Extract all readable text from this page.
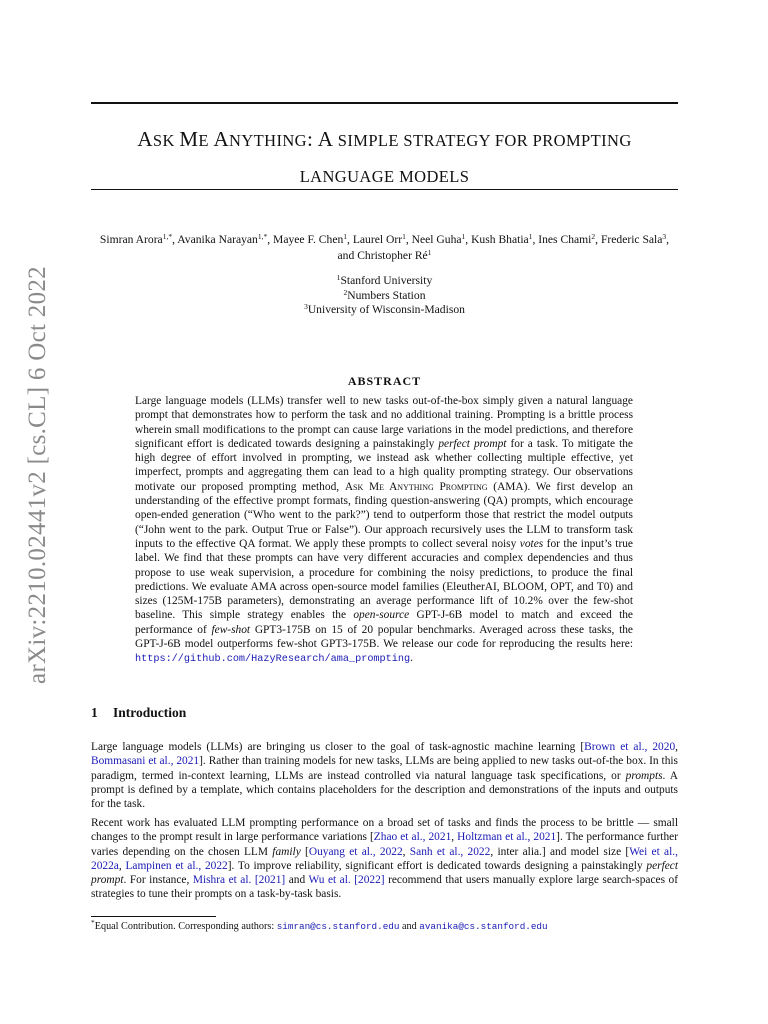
arXiv:2210.02441v2 [cs.CL] 6 Oct 2022
ASK ME ANYTHING: A SIMPLE STRATEGY FOR PROMPTING
LANGUAGE MODELS
Simran Arora$^{1,*}$, Avanika Narayan$^{1,*}$, Mayee F. Chen$^1$, Laurel Orr$^1$, Neel Guha$^1$, Kush Bhatia$^1$, Ines Chami$^2$, Frederic Sala$^3$, and Christopher $Ré^1$
$^1$Stanford University
$^2$Numbers Station
$^3$University of Wisconsin-Madison
ABSTRACT
Large language models (LLMs) transfer well to new tasks out-of-the-box simply given a natural language prompt that demonstrates how to perform the task and no additional training. Prompting is a brittle process wherein small modifications to the prompt can cause large variations in the model predictions, and therefore significant effort is dedicated towards designing a painstakingly perfect prompt for a task. To mitigate the high degree of effort involved in prompting, we instead ask whether collecting multiple effective, yet imperfect, prompts and aggregating them can lead to a high quality prompting strategy. Our observations motivate our proposed prompting method, Ask Me Anything Prompting (AMA). We first develop an understanding of the effective prompt formats, finding question-answering (QA) prompts, which encourage open-ended generation (“Who went to the park?”) tend to outperform those that restrict the model outputs (“John went to the park. Output True or False”). Our approach recursively uses the LLM to transform task inputs to the effective QA format. We apply these prompts to collect several noisy votes for the input’s true label. We find that these prompts can have very different accuracies and complex dependencies and thus propose to use weak supervision, a procedure for combining the noisy predictions, to produce the final predictions. We evaluate AMA across open-source model families (EleutherAI, BLOOM, OPT, and T0) and sizes (125M-175B parameters), demonstrating an average performance lift of 10.2% over the few-shot baseline. This simple strategy enables the open-source GPT-J-6B model to match and exceed the performance of few-shot GPT3-175B on 15 of 20 popular benchmarks. Averaged across these tasks, the GPT-J-6B model outperforms few-shot GPT3-175B. We release our code for reproducing the results here: https://github.com/HazyResearch/ama_prompting.
1 Introduction
Large language models (LLMs) are bringing us closer to the goal of task-agnostic machine learning [Brown et al., 2020, Bommasani et al., 2021]. Rather than training models for new tasks, LLMs are being applied to new tasks out-of-the box. In this paradigm, termed in-context learning, LLMs are instead controlled via natural language task specifications, or prompts. A prompt is defined by a template, which contains placeholders for the description and demonstrations of the inputs and outputs for the task.
Recent work has evaluated LLM prompting performance on a broad set of tasks and finds the process to be brittle — small changes to the prompt result in large performance variations [Zhao et al., 2021, Holtzman et al., 2021]. The performance further varies depending on the chosen LLM family [Ouyang et al., 2022, Sanh et al., 2022, inter alia.] and model size [Wei et al., 2022a, Lampinen et al., 2022]. To improve reliability, significant effort is dedicated towards designing a painstakingly perfect prompt. For instance, Mishra et al. [2021] and Wu et al. [2022] recommend that users manually explore large search-spaces of strategies to tune their prompts on a task-by-task basis.
*Equal Contribution. Corresponding authors: simran@cs.stanford.edu and avanika@cs.stanford.edu
